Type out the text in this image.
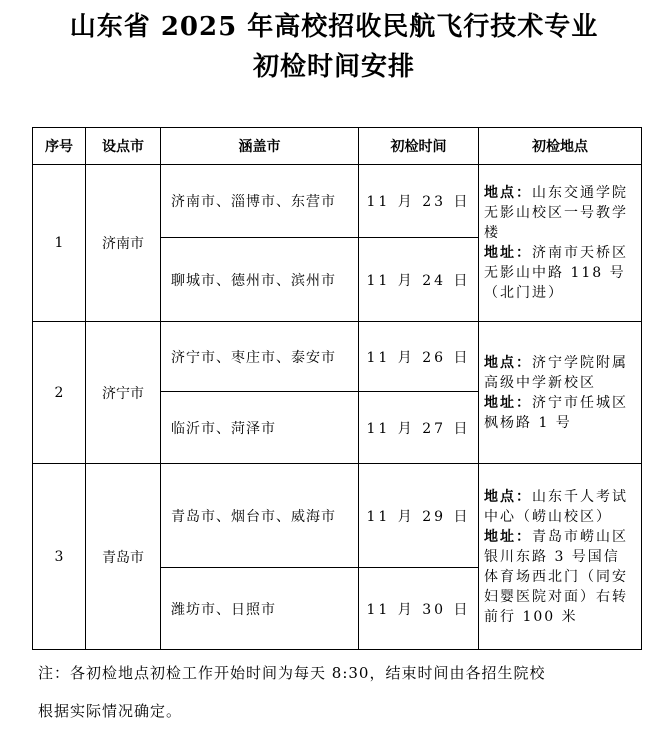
山东省 2025 年高校招收民航飞行技术专业
初检时间安排
序号	设点市	涵盖市	初检时间	初检地点
1	济南市	济南市、淄博市、东营市	11 月 23 日	地点：山东交通学院无影山校区一号教学楼
地址：济南市天桥区无影山中路 118 号（北门进）
		聊城市、德州市、滨州市	11 月 24 日	
2	济宁市	济宁市、枣庄市、泰安市	11 月 26 日	地点：济宁学院附属高级中学新校区
地址：济宁市任城区枫杨路 1 号
		临沂市、菏泽市	11 月 27 日	
3	青岛市	青岛市、烟台市、威海市	11 月 29 日	地点：山东千人考试中心（崂山校区）
地址：青岛市崂山区银川东路 3 号国信体育场西北门（同安妇婴医院对面）右转前行 100 米
		潍坊市、日照市	11 月 30 日	

注：各初检地点初检工作开始时间为每天 8:30，结束时间由各招生院校

根据实际情况确定。
